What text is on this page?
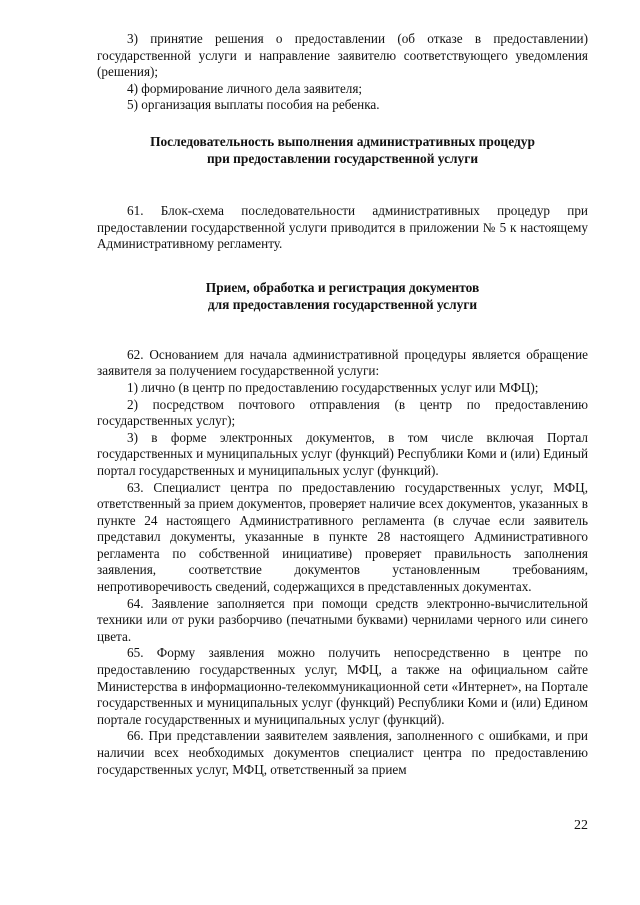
3) принятие решения о предоставлении (об отказе в предоставлении) государственной услуги и направление заявителю соответствующего уведомления (решения);

4) формирование личного дела заявителя;

5) организация выплаты пособия на ребенка.

Последовательность выполнения административных процедур
при предоставлении государственной услуги

61. Блок-схема последовательности административных процедур при предоставлении государственной услуги приводится в приложении № 5 к настоящему Административному регламенту.

Прием, обработка и регистрация документов
для предоставления государственной услуги

62. Основанием для начала административной процедуры является обращение заявителя за получением государственной услуги:

1) лично (в центр по предоставлению государственных услуг или МФЦ);

2) посредством почтового отправления (в центр по предоставлению государственных услуг);

3) в форме электронных документов, в том числе включая Портал государственных и муниципальных услуг (функций) Республики Коми и (или) Единый портал государственных и муниципальных услуг (функций).

63. Специалист центра по предоставлению государственных услуг, МФЦ, ответственный за прием документов, проверяет наличие всех документов, указанных в пункте 24 настоящего Административного регламента (в случае если заявитель представил документы, указанные в пункте 28 настоящего Административного регламента по собственной инициативе) проверяет правильность заполнения заявления, соответствие документов установленным требованиям, непротиворечивость сведений, содержащихся в представленных документах.

64. Заявление заполняется при помощи средств электронно-вычислительной техники или от руки разборчиво (печатными буквами) чернилами черного или синего цвета.

65. Форму заявления можно получить непосредственно в центре по предоставлению государственных услуг, МФЦ, а также на официальном сайте Министерства в информационно-телекоммуникационной сети «Интернет», на Портале государственных и муниципальных услуг (функций) Республики Коми и (или) Едином портале государственных и муниципальных услуг (функций).

66. При представлении заявителем заявления, заполненного с ошибками, и при наличии всех необходимых документов специалист центра по предоставлению государственных услуг, МФЦ, ответственный за прием

22
